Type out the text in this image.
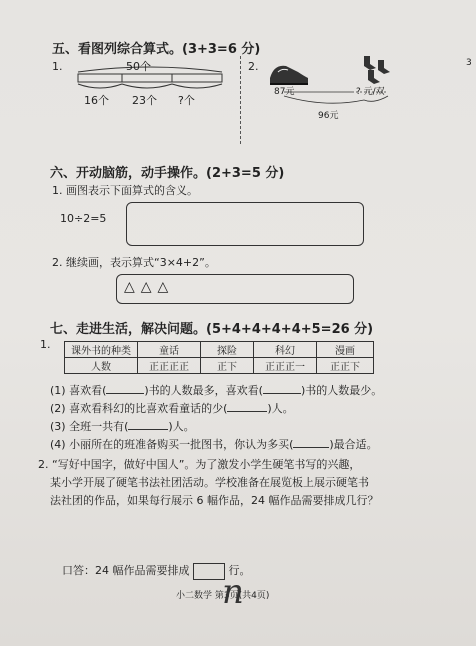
五、看图列综合算式。(3+3=6 分)
1.	50个
16个 23个 ?个
2.
87元	? 元/双
96元
六、开动脑筋，动手操作。(2+3=5 分)
1. 画图表示下面算式的含义。
10÷2=5
2. 继续画，表示算式“3×4+2”。
△△△
七、走进生活，解决问题。(5+4+4+4+4+5=26 分)
1.
课外书的种类	童话	探险	科幻	漫画
人数	正正正正	正下	正正正一	正正下
(1) 喜欢看(	)书的人数最多，喜欢看(	)书的人数最少。
(2) 喜欢看科幻的比喜欢看童话的少(	)人。
(3) 全班一共有(	)人。
(4) 小丽所在的班准备购买一批图书，你认为多买(	)最合适。
2. “写好中国字，做好中国人”。为了激发小学生硬笔书写的兴趣，
某小学开展了硬笔书法社团活动。学校准备在展览板上展示硬笔书
法社团的作品，如果每行展示 6 幅作品，24 幅作品需要排成几行？
口答：24 幅作品需要排成	行。
小二数学 第3页(共4页)
n
3
